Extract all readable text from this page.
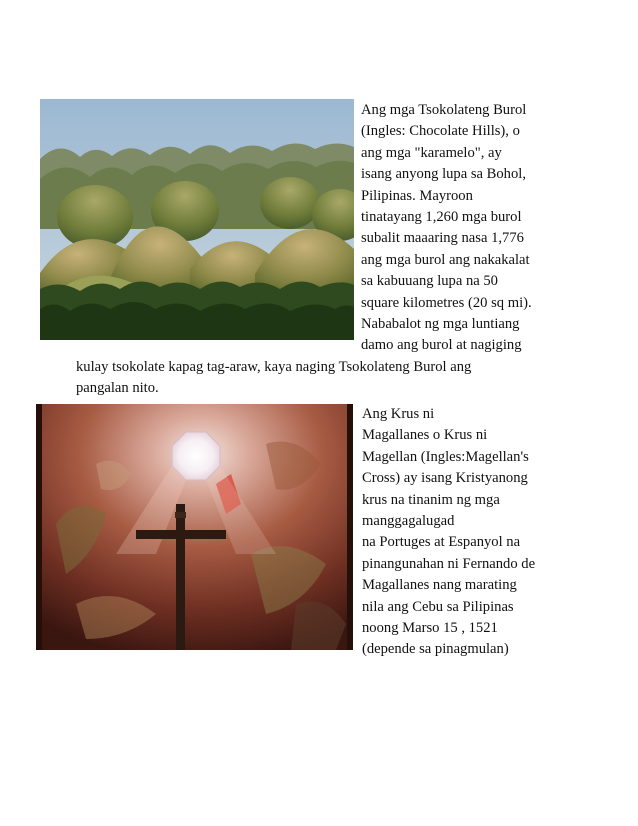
Ang mga Tsokolateng Burol
(Ingles: Chocolate Hills), o
ang mga "karamelo", ay
isang anyong lupa sa Bohol,
Pilipinas. Mayroon
tinatayang 1,260 mga burol
subalit maaaring nasa 1,776
ang mga burol ang nakakalat
sa kabuuang lupa na 50
square kilometres (20 sq mi).
Nababalot ng mga luntiang
damo ang burol at nagiging
kulay tsokolate kapag tag-araw, kaya naging Tsokolateng Burol ang
pangalan nito.
Ang Krus ni
Magallanes o Krus ni
Magellan (Ingles:Magellan's
Cross) ay isang Kristyanong
krus na tinanim ng mga
manggagalugad
na Portuges at Espanyol na
pinangunahan ni Fernando de
Magallanes nang marating
nila ang Cebu sa Pilipinas
noong Marso 15 , 1521
(depende sa pinagmulan)
